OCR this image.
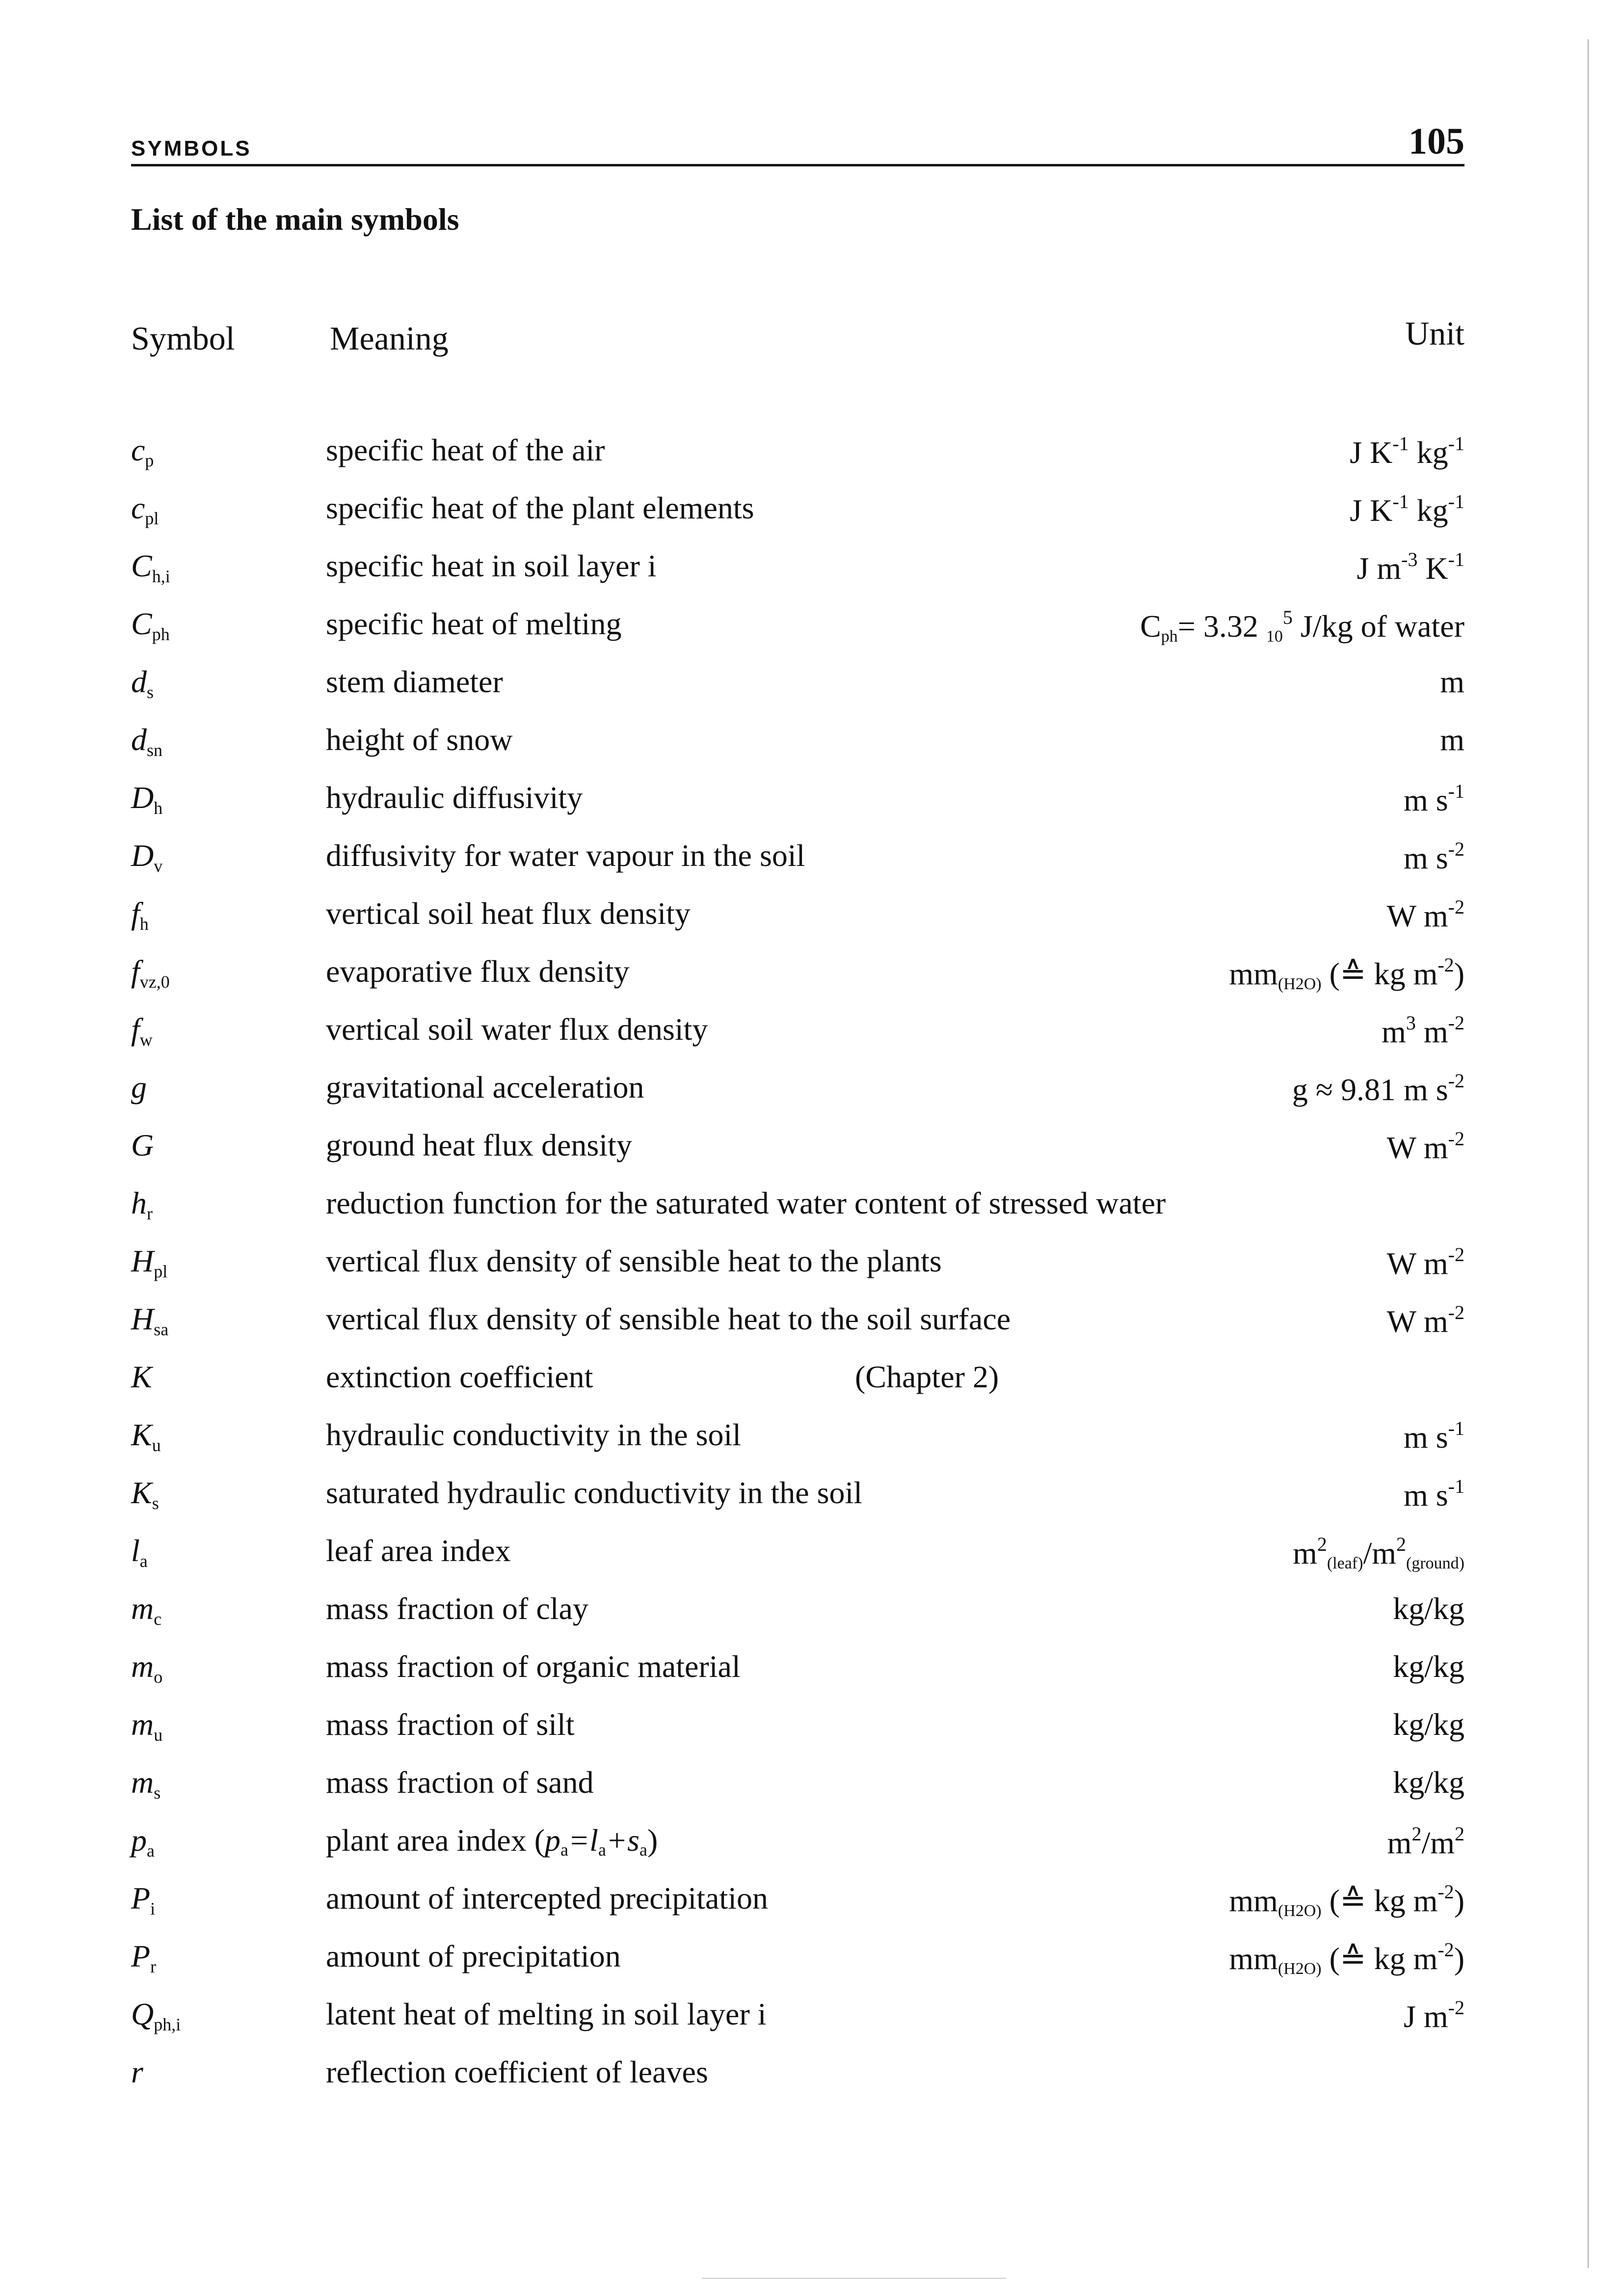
SYMBOLS	105
List of the main symbols
Symbol	Meaning	Unit
$c_p$	specific heat of the air	J $K^{-1}$ $kg^{-1}$
$c_{pl}$	specific heat of the plant elements	J $K^{-1}$ $kg^{-1}$
$C_{h,i}$	specific heat in soil layer i	J $m^{-3}$ $K^{-1}$
$C_{ph}$	specific heat of melting	Cph= 3.32 $10^5$ J/kg of water
$d_s$	stem diameter	m
$d_{sn}$	height of snow	m
$D_h$	hydraulic diffusivity	m $s^{-1}$
$D_v$	diffusivity for water vapour in the soil	m $s^{-2}$
$f_h$	vertical soil heat flux density	W $m^{-2}$
$f_{vz,0}$	evaporative flux density	mm(H2O) (≙ kg $m^{-2}$)
$f_w$	vertical soil water flux density	$m^3$ $m^{-2}$
g	gravitational acceleration	g ≈ 9.81 m $s^{-2}$
G	ground heat flux density	W $m^{-2}$
$h_r$	reduction function for the saturated water content of stressed water
$H_{pl}$	vertical flux density of sensible heat to the plants	W $m^{-2}$
$H_{sa}$	vertical flux density of sensible heat to the soil surface	W $m^{-2}$
K	extinction coefficient	(Chapter 2)
$K_u$	hydraulic conductivity in the soil	m $s^{-1}$
$K_s$	saturated hydraulic conductivity in the soil	m $s^{-1}$
$l_a$	leaf area index	$m^2(leaf)/m^2(ground)$
$m_c$	mass fraction of clay	kg/kg
$m_o$	mass fraction of organic material	kg/kg
$m_u$	mass fraction of silt	kg/kg
$m_s$	mass fraction of sand	kg/kg
$p_a$	plant area index (pa=la+sa)	$m^2/m^2$
$P_i$	amount of intercepted precipitation	mm(H2O) (≙ kg $m^{-2}$)
$P_r$	amount of precipitation	mm(H2O) (≙ kg $m^{-2}$)
$Q_{ph,i}$	latent heat of melting in soil layer i	J $m^{-2}$
r	reflection coefficient of leaves
